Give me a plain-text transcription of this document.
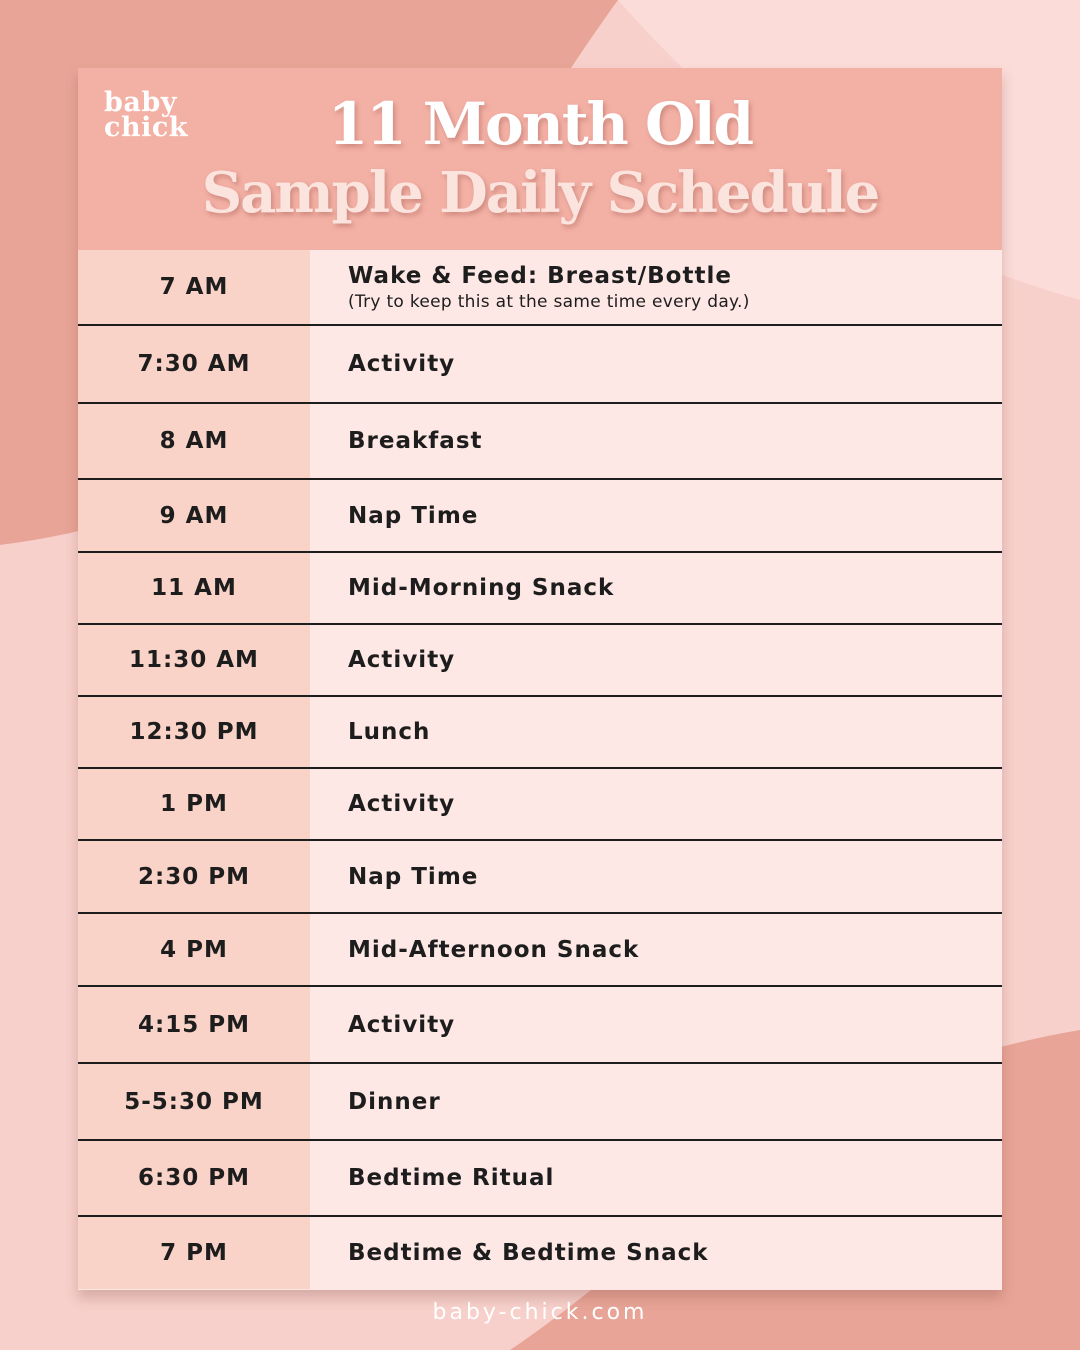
baby
chick	11 Month Old
Sample Daily Schedule
7 AM	Wake & Feed: Breast/Bottle
(Try to keep this at the same time every day.)
7:30 AM	Activity
8 AM	Breakfast
9 AM	Nap Time
11 AM	Mid-Morning Snack
11:30 AM	Activity
12:30 PM	Lunch
1 PM	Activity
2:30 PM	Nap Time
4 PM	Mid-Afternoon Snack
4:15 PM	Activity
5-5:30 PM	Dinner
6:30 PM	Bedtime Ritual
7 PM	Bedtime & Bedtime Snack
baby-chick.com
